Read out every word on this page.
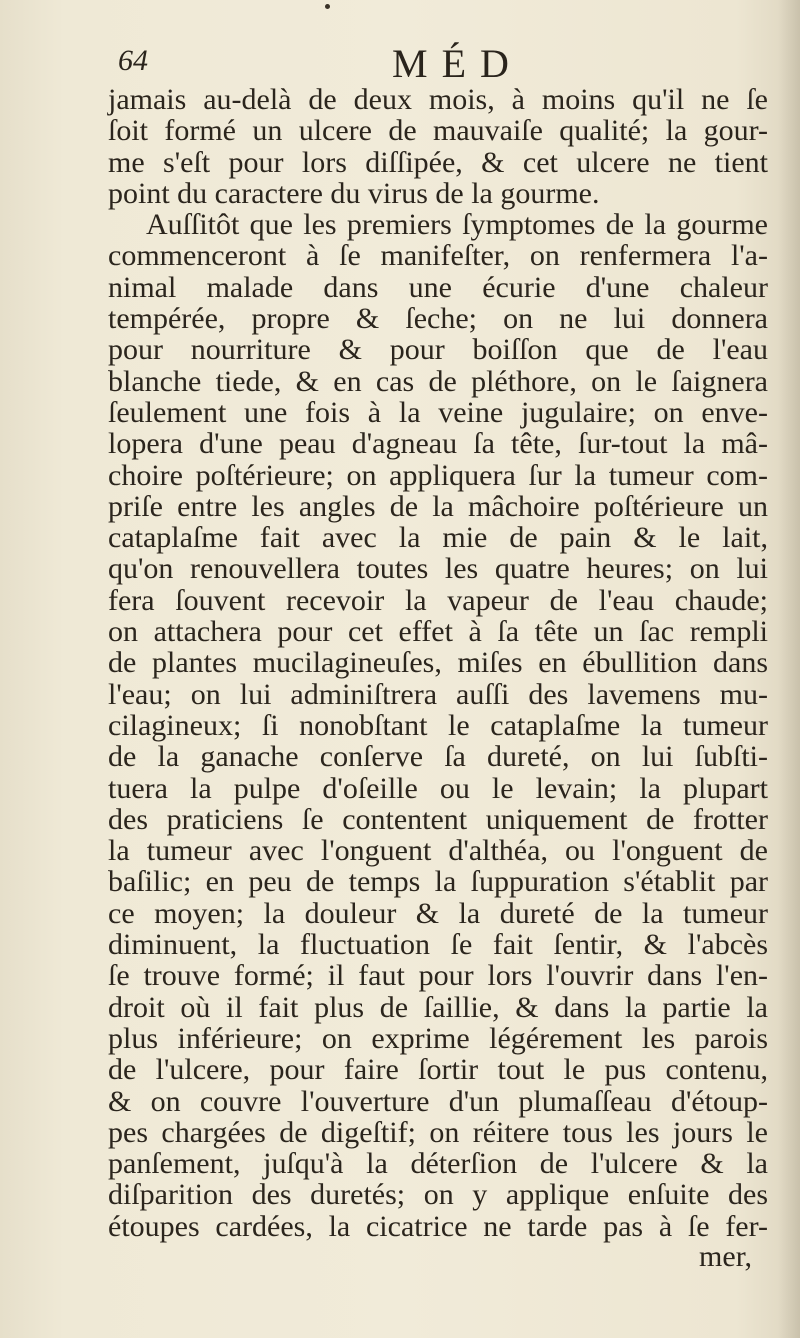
64	MÉD
jamais au-delà de deux mois, à moins qu'il ne ſe
ſoit formé un ulcere de mauvaiſe qualité; la gour-
me s'eſt pour lors diſſipée, & cet ulcere ne tient
point du caractere du virus de la gourme.
Auſſitôt que les premiers ſymptomes de la gourme
commenceront à ſe manifeſter, on renfermera l'a-
nimal malade dans une écurie d'une chaleur
tempérée, propre & ſeche; on ne lui donnera
pour nourriture & pour boiſſon que de l'eau
blanche tiede, & en cas de pléthore, on le ſaignera
ſeulement une fois à la veine jugulaire; on enve-
lopera d'une peau d'agneau ſa tête, ſur-tout la mâ-
choire poſtérieure; on appliquera ſur la tumeur com-
priſe entre les angles de la mâchoire poſtérieure un
cataplaſme fait avec la mie de pain & le lait,
qu'on renouvellera toutes les quatre heures; on lui
fera ſouvent recevoir la vapeur de l'eau chaude;
on attachera pour cet effet à ſa tête un ſac rempli
de plantes mucilagineuſes, miſes en ébullition dans
l'eau; on lui adminiſtrera auſſi des lavemens mu-
cilagineux; ſi nonobſtant le cataplaſme la tumeur
de la ganache conſerve ſa dureté, on lui ſubſti-
tuera la pulpe d'oſeille ou le levain; la plupart
des praticiens ſe contentent uniquement de frotter
la tumeur avec l'onguent d'althéa, ou l'onguent de
baſilic; en peu de temps la ſuppuration s'établit par
ce moyen; la douleur & la dureté de la tumeur
diminuent, la fluctuation ſe fait ſentir, & l'abcès
ſe trouve formé; il faut pour lors l'ouvrir dans l'en-
droit où il fait plus de ſaillie, & dans la partie la
plus inférieure; on exprime légérement les parois
de l'ulcere, pour faire ſortir tout le pus contenu,
& on couvre l'ouverture d'un plumaſſeau d'étoup-
pes chargées de digeſtif; on réitere tous les jours le
panſement, juſqu'à la déterſion de l'ulcere & la
diſparition des duretés; on y applique enſuite des
étoupes cardées, la cicatrice ne tarde pas à ſe fer-
mer,
